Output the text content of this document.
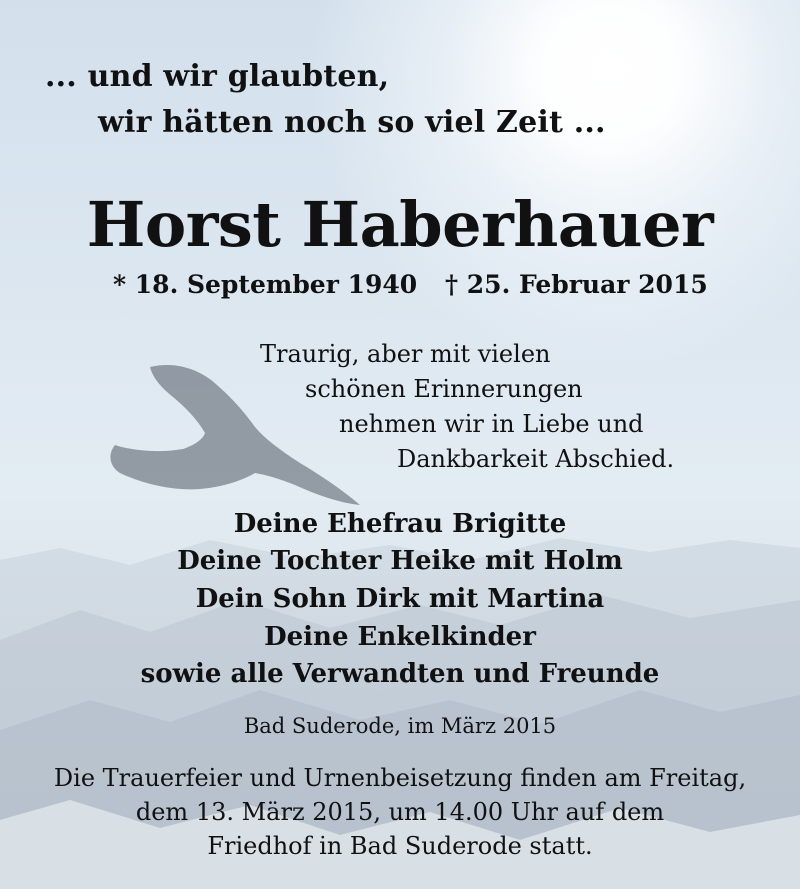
... und wir glaubten,
wir hätten noch so viel Zeit ...
Horst Haberhauer
* 18. September 1940 † 25. Februar 2015
Traurig, aber mit vielen
schönen Erinnerungen
nehmen wir in Liebe und
Dankbarkeit Abschied.
Deine Ehefrau Brigitte
Deine Tochter Heike mit Holm
Dein Sohn Dirk mit Martina
Deine Enkelkinder
sowie alle Verwandten und Freunde
Bad Suderode, im März 2015
Die Trauerfeier und Urnenbeisetzung finden am Freitag,
dem 13. März 2015, um 14.00 Uhr auf dem
Friedhof in Bad Suderode statt.
